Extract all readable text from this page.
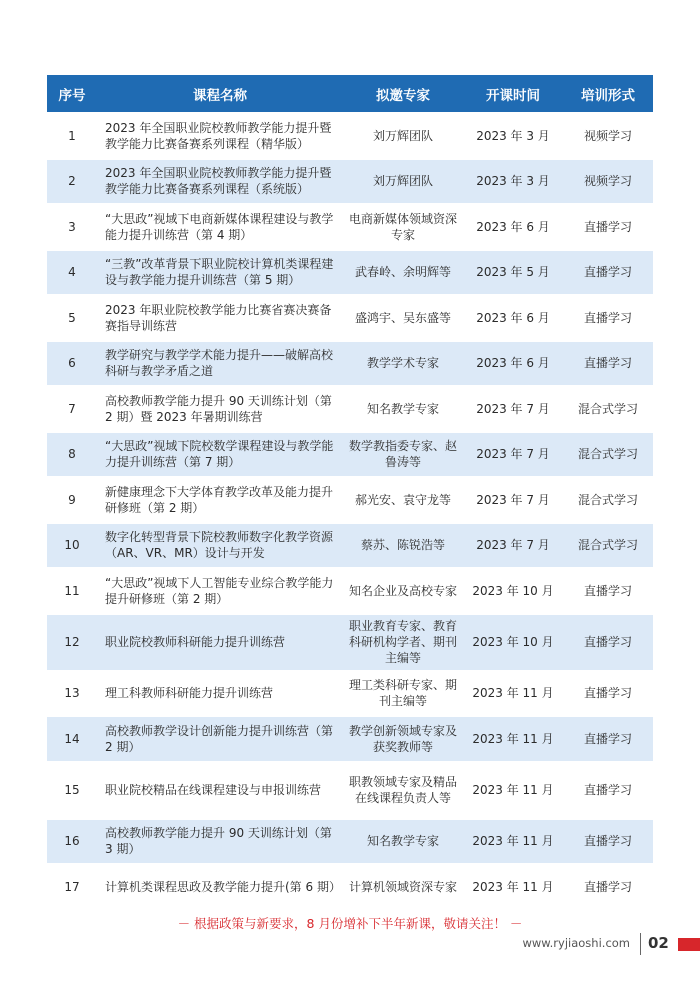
序号	课程名称	拟邀专家	开课时间	培训形式
1	2023 年全国职业院校教师教学能力提升暨教学能力比赛备赛系列课程（精华版）	刘万辉团队	2023 年 3 月	视频学习
2	2023 年全国职业院校教师教学能力提升暨教学能力比赛备赛系列课程（系统版）	刘万辉团队	2023 年 3 月	视频学习
3	“大思政”视域下电商新媒体课程建设与教学能力提升训练营（第 4 期）	电商新媒体领域资深专家	2023 年 6 月	直播学习
4	“三教”改革背景下职业院校计算机类课程建设与教学能力提升训练营（第 5 期）	武春岭、余明辉等	2023 年 5 月	直播学习
5	2023 年职业院校教学能力比赛省赛决赛备赛指导训练营	盛鸿宇、吴东盛等	2023 年 6 月	直播学习
6	教学研究与教学学术能力提升——破解高校科研与教学矛盾之道	教学学术专家	2023 年 6 月	直播学习
7	高校教师教学能力提升 90 天训练计划（第 2 期）暨 2023 年暑期训练营	知名教学专家	2023 年 7 月	混合式学习
8	“大思政”视域下院校数学课程建设与教学能力提升训练营（第 7 期）	数学教指委专家、赵鲁涛等	2023 年 7 月	混合式学习
9	新健康理念下大学体育教学改革及能力提升研修班（第 2 期）	郝光安、袁守龙等	2023 年 7 月	混合式学习
10	数字化转型背景下院校教师数字化教学资源（AR、VR、MR）设计与开发	蔡苏、陈锐浩等	2023 年 7 月	混合式学习
11	“大思政”视域下人工智能专业综合教学能力提升研修班（第 2 期）	知名企业及高校专家	2023 年 10 月	直播学习
12	职业院校教师科研能力提升训练营	职业教育专家、教育科研机构学者、期刊主编等	2023 年 10 月	直播学习
13	理工科教师科研能力提升训练营	理工类科研专家、期刊主编等	2023 年 11 月	直播学习
14	高校教师教学设计创新能力提升训练营（第 2 期）	教学创新领域专家及获奖教师等	2023 年 11 月	直播学习
15	职业院校精品在线课程建设与申报训练营	职教领域专家及精品在线课程负责人等	2023 年 11 月	直播学习
16	高校教师教学能力提升 90 天训练计划（第 3 期）	知名教学专家	2023 年 11 月	直播学习
17	计算机类课程思政及教学能力提升(第 6 期）	计算机领域资深专家	2023 年 11 月	直播学习
－ 根据政策与新要求，8 月份增补下半年新课，敬请关注！ －
www.ryjiaoshi.com 02
